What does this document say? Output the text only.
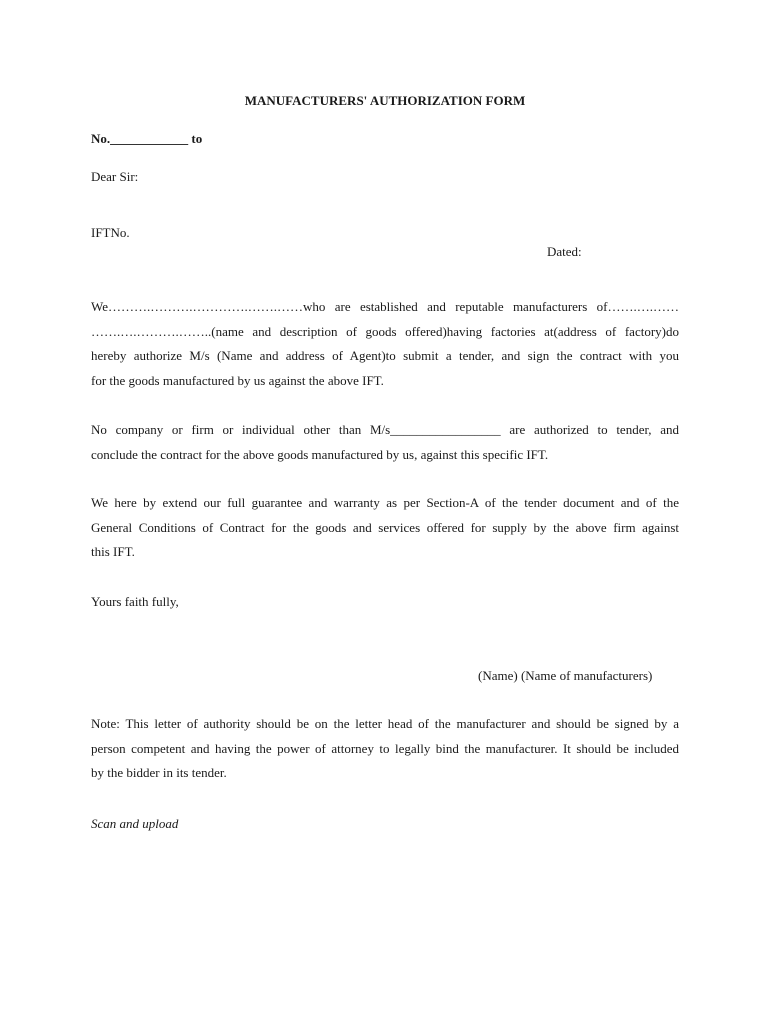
MANUFACTURERS' AUTHORIZATION FORM
No.____________ to
Dear Sir:
IFTNo.
Dated:
We……….……….………….…….……who are established and reputable manufacturers of…….….……
…….….……….……..(name and description of goods offered)having factories at(address of factory)do
hereby authorize M/s (Name and address of Agent)to submit a tender, and sign the contract with you
for the goods manufactured by us against the above IFT.
No company or firm or individual other than M/s_________________ are authorized to tender, and
conclude the contract for the above goods manufactured by us, against this specific IFT.
We here by extend our full guarantee and warranty as per Section-A of the tender document and of the
General Conditions of Contract for the goods and services offered for supply by the above firm against
this IFT.
Yours faith fully,
(Name) (Name of manufacturers)
Note: This letter of authority should be on the letter head of the manufacturer and should be signed by a
person competent and having the power of attorney to legally bind the manufacturer. It should be included
by the bidder in its tender.
Scan and upload
